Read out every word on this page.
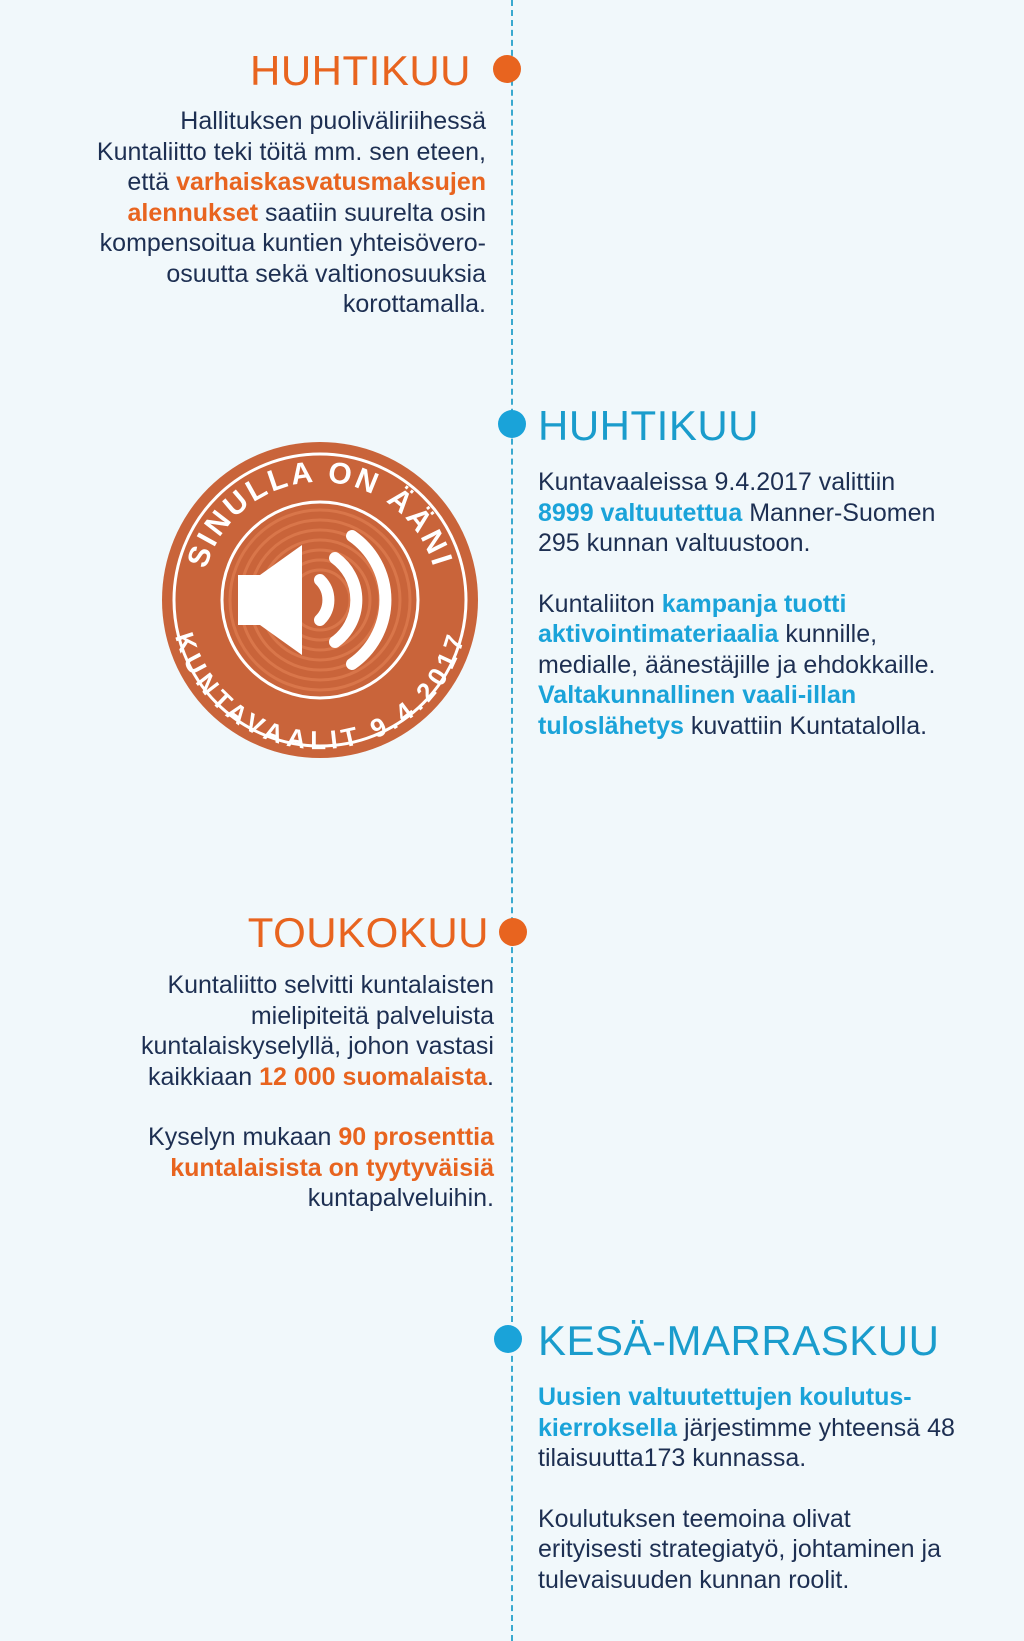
HUHTIKUU

Hallituksen puoliväliriihessä Kuntaliitto teki töitä mm. sen eteen, että varhaiskasvatusmaksujen alennukset saatiin suurelta osin kompensoitua kuntien yhteisövero-osuutta sekä valtionosuuksia korottamalla.

HUHTIKUU

Kuntavaaleissa 9.4.2017 valittiin 8999 valtuutettua Manner-Suomen 295 kunnan valtuustoon.

Kuntaliiton kampanja tuotti aktivointimateriaalia kunnille, medialle, äänestäjille ja ehdokkaille. Valtakunnallinen vaali-illan tuloslähetys kuvattiin Kuntatalolla.

SINULLA ON ÄÄNI
KUNTAVAALIT 9.4.2017
TOUKOKUU

Kuntaliitto selvitti kuntalaisten mielipiteitä palveluista kuntalaiskyselyllä, johon vastasi kaikkiaan 12 000 suomalaista.

Kyselyn mukaan 90 prosenttia kuntalaisista on tyytyväisiä kuntapalveluihin.

KESÄ-MARRASKUU

Uusien valtuutettujen koulutus-kierroksella järjestimme yhteensä 48 tilaisuutta173 kunnassa.

Koulutuksen teemoina olivat erityisesti strategiatyö, johtaminen ja tulevaisuuden kunnan roolit.
